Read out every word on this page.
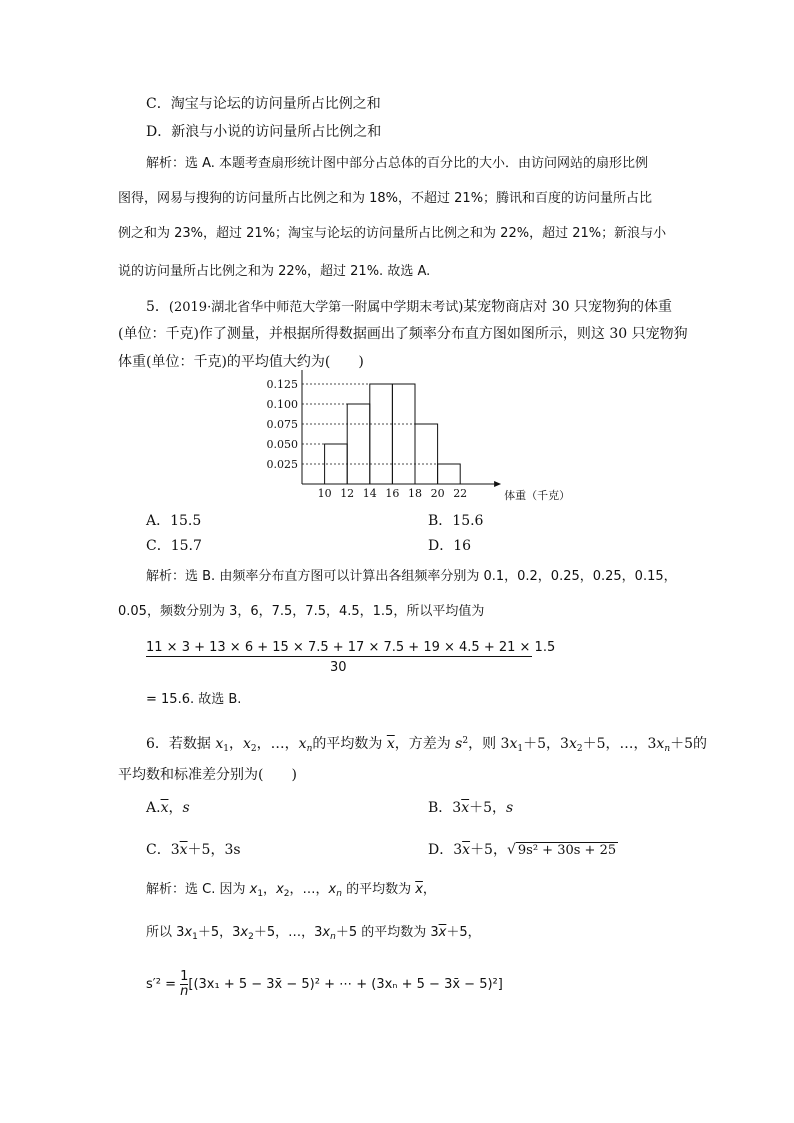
C．淘宝与论坛的访问量所占比例之和
D．新浪与小说的访问量所占比例之和
解析：选 A. 本题考查扇形统计图中部分占总体的百分比的大小．由访问网站的扇形比例
图得，网易与搜狗的访问量所占比例之和为 18%，不超过 21%；腾讯和百度的访问量所占比
例之和为 23%，超过 21%；淘宝与论坛的访问量所占比例之和为 22%，超过 21%；新浪与小
说的访问量所占比例之和为 22%，超过 21%. 故选 A.
5．(2019·湖北省华中师范大学第一附属中学期末考试)某宠物商店对 30 只宠物狗的体重
(单位：千克)作了测量，并根据所得数据画出了频率分布直方图如图所示，则这 30 只宠物狗
体重(单位：千克)的平均值大约为(　　)
0.025
0.050
0.075
0.100
0.125
10 12 14 16 18 20 22	体重（千克）
A．15.5	B．15.6
C．15.7	D．16
解析：选 B. 由频率分布直方图可以计算出各组频率分别为 0.1，0.2，0.25，0.25，0.15，
0.05，频数分别为 3，6，7.5，7.5，4.5，1.5，所以平均值为
11 × 3 + 13 × 6 + 15 × 7.5 + 17 × 7.5 + 19 × 4.5 + 21 × 1.5
30
= 15.6. 故选 B.
6．若数据 $x_1$，$x_2$，…，$x_n$的平均数为 $\overline{x}$，方差为 $s^2$，则 $3x_1+5$，$3x_2+5$，…，$3x_n+5$的
平均数和标准差分别为(　　)
$A.\overline{x}$，s	B．$3\overline{x}+5$，s
C．$3\overline{x}+5$，3s	D．$3\overline{x}+5$，√ 9s² + 30s + 25
解析：选 C. 因为 $x_1$，$x_2$，…，$x_n$ 的平均数为 $\overline{x}$，
所以 $3x_1+5$，$3x_2+5$，…，$3x_n+5$ 的平均数为 $3\overline{x}+5$，
$s'^2 = \frac{1}{n} [(3x_1 + 5$ − 3x̄ − 5)² + ⋯ + (3xₙ + 5 − 3x̄ − 5)²]
